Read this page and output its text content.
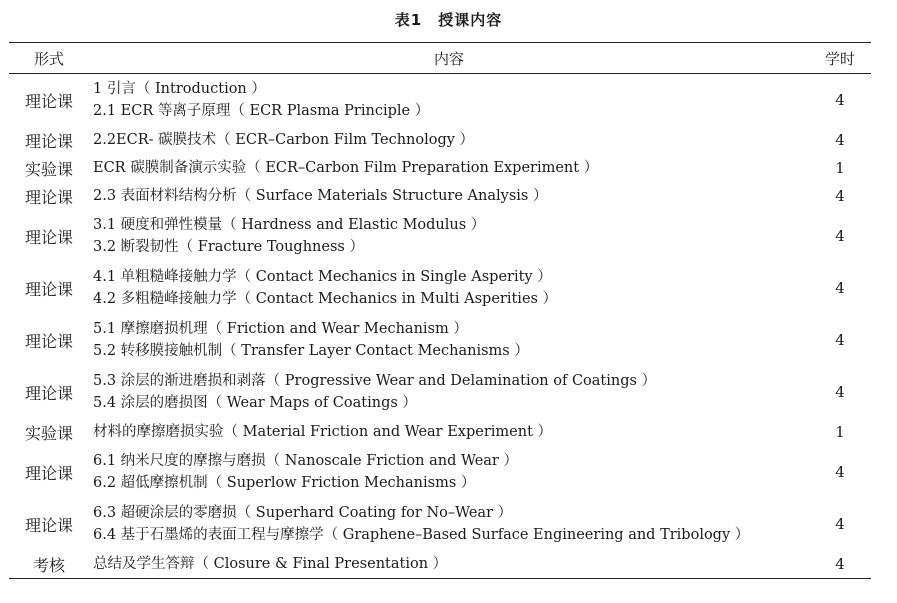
表1　授课内容
形式	内容	学时
理论课	1 引言（ Introduction ）
2.1 ECR 等离子原理（ ECR Plasma Principle ）	4
理论课	2.2ECR- 碳膜技术（ ECR–Carbon Film Technology ）	4
实验课	ECR 碳膜制备演示实验（ ECR–Carbon Film Preparation Experiment ）	1
理论课	2.3 表面材料结构分析（ Surface Materials Structure Analysis ）	4
理论课	3.1 硬度和弹性模量（ Hardness and Elastic Modulus ）
3.2 断裂韧性（ Fracture Toughness ）	4
理论课	4.1 单粗糙峰接触力学（ Contact Mechanics in Single Asperity ）
4.2 多粗糙峰接触力学（ Contact Mechanics in Multi Asperities ）	4
理论课	5.1 摩擦磨损机理（ Friction and Wear Mechanism ）
5.2 转移膜接触机制（ Transfer Layer Contact Mechanisms ）	4
理论课	5.3 涂层的渐进磨损和剥落（ Progressive Wear and Delamination of Coatings ）
5.4 涂层的磨损图（ Wear Maps of Coatings ）	4
实验课	材料的摩擦磨损实验（ Material Friction and Wear Experiment ）	1
理论课	6.1 纳米尺度的摩擦与磨损（ Nanoscale Friction and Wear ）
6.2 超低摩擦机制（ Superlow Friction Mechanisms ）	4
理论课	6.3 超硬涂层的零磨损（ Superhard Coating for No–Wear ）
6.4 基于石墨烯的表面工程与摩擦学（ Graphene–Based Surface Engineering and Tribology ）	4
考核	总结及学生答辩（ Closure & Final Presentation ）	4
